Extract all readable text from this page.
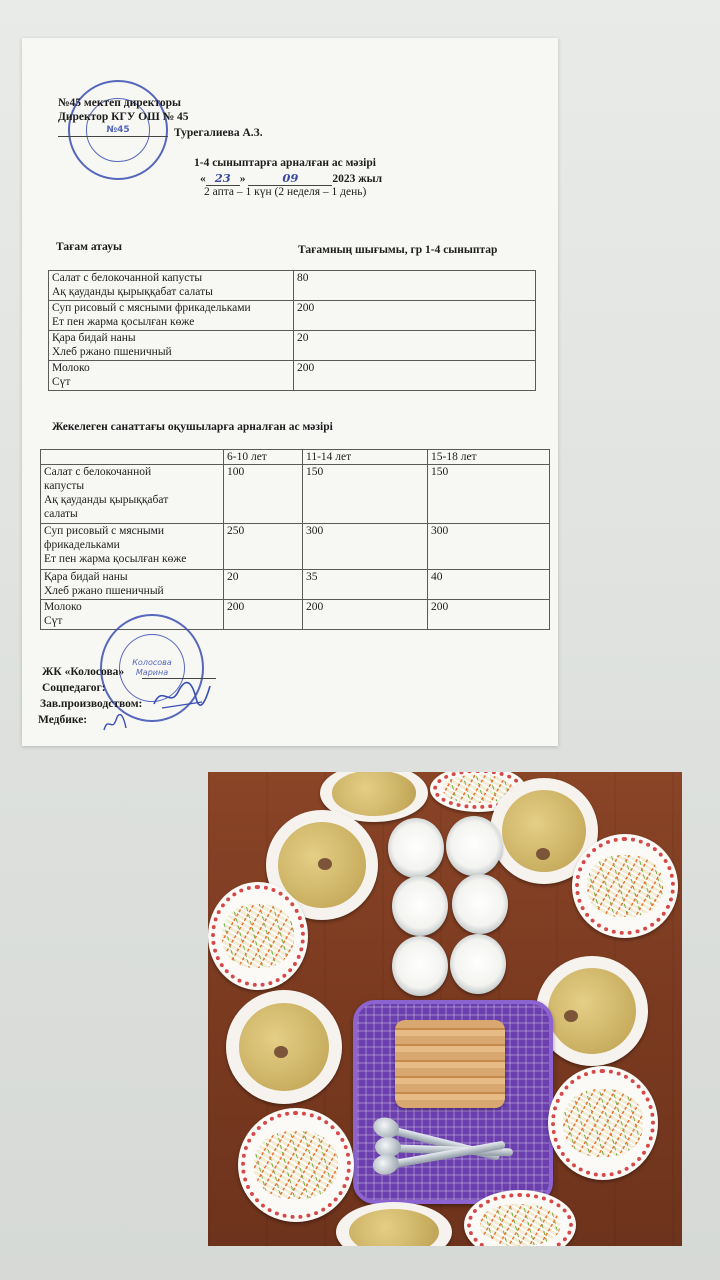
№45
№45 мектеп директоры
Директор КГУ ОШ № 45
Турегалиева А.З.
1-4 сыныптарға арналған ас мәзірі
« 23 »	09	2023 жыл
2 апта – 1 күн (2 неделя – 1 день)
Тағам атауы	Тағамның шығымы, гр 1-4 сыныптар
Салат с белокочанной капусты
Ақ қауданды қырыққабат салаты	80
Суп рисовый с мясными фрикадельками
Ет пен жарма қосылған көже	200
Қара бидай наны
Хлеб ржано пшеничный	20
Молоко
Сүт	200
Жекелеген санаттағы оқушыларға арналған ас мәзірі
	6-10 лет	11-14 лет	15-18 лет
Салат с белокочанной
капусты
Ақ қауданды қырыққабат
салаты	100	150	150
Суп рисовый с мясными
фрикадельками
Ет пен жарма қосылған көже	250	300	300
Қара бидай наны
Хлеб ржано пшеничный	20	35	40
Молоко
Сүт	200	200	200
Колосова Марина
ЖК «Колосова»
Соцпедагог:
Зав.производством:
Медбике:
